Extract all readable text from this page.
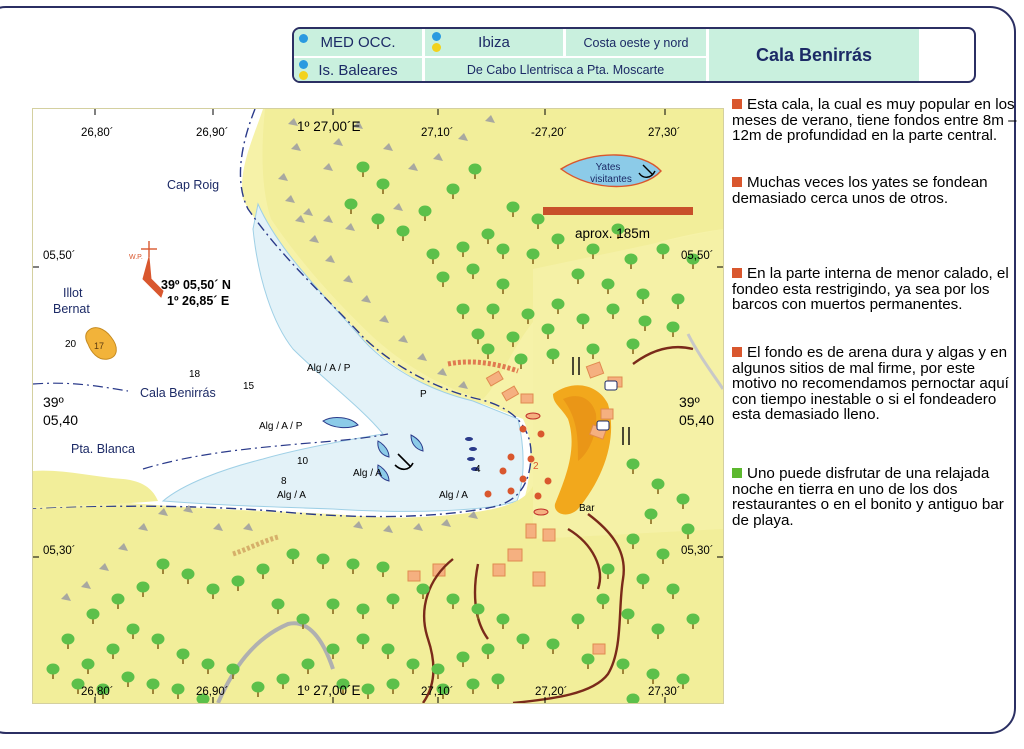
MED OCC.	Ibiza	Costa oeste y nord
Cala Benirrás
Is. Baleares	De Cabo Llentrisca a Pta. Moscarte
17
W.P.
39º 05,50´ N
1º 26,85´ E
Yates
visitantes
aprox. 185m
26,80´	26,90´	1º 27,00´E	27,10´	-27,20´	27,30´
26,80´	26,90´	1º 27,00´E	27,10´	27,20´	27,30´
05,50´	05,50´
05,30´	05,30´
39º
05,40
39º
05,40
Cap Roig
Illot
Bernat
Cala Benirrás
Pta. Blanca
Bar
20
18
15
10
8
4	2
Alg / A / P
Alg / A / P
Alg / A
Alg / A	Alg / A
P
Esta cala, la cual es muy popular en los meses de verano, tiene fondos entre 8m – 12m de profundidad en la parte central.
Muchas veces los yates se fondean demasiado cerca unos de otros.
En la parte interna de menor calado, el fondeo esta restrigindo, ya sea por los barcos con muertos permanentes.
El fondo es de arena dura y algas y en algunos sitios de mal firme, por este motivo no recomendamos pernoctar aquí con tiempo inestable o si el fondeadero esta demasiado lleno.
Uno puede disfrutar de una relajada noche en tierra en uno de los dos restaurantes o en el bonito y antiguo bar de playa.
